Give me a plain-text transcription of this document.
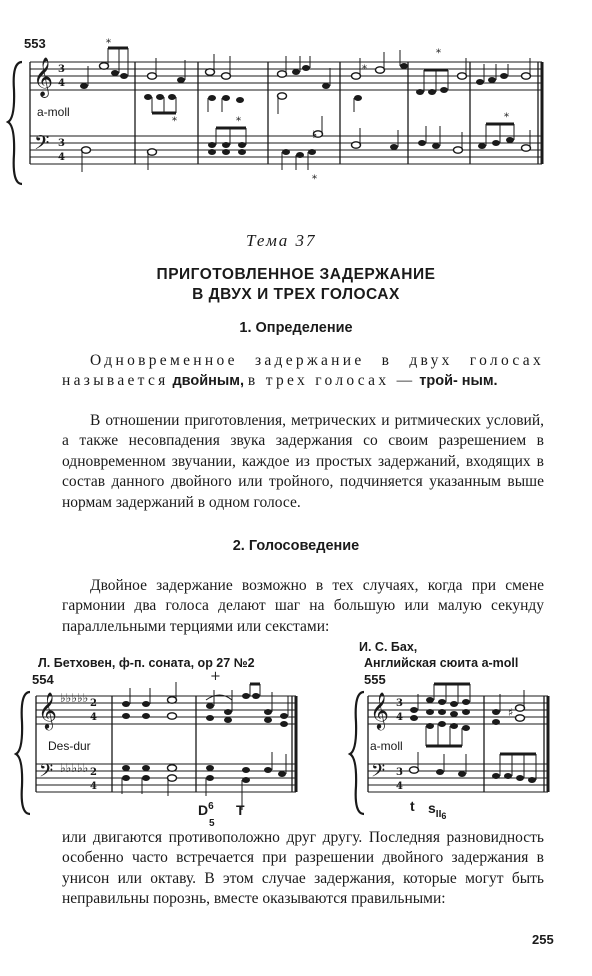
553
𝄞
𝄢
3
4
3
4
*
*	*
*
♭
*
*
*
a-moll
Тема 37
ПРИГОТОВЛЕННОЕ ЗАДЕРЖАНИЕ
В ДВУХ И ТРЕХ ГОЛОСАХ
1. Определение
Одновременное задержание в двух голосах называется двойным, в трех голосах — трой- ным.
В отношении приготовления, метрических и ритмических условий, а также несовпадения звука задержания со своим разрешением в одновременном звучании, каждое из простых задержаний, входящих в состав данного двойного или тройного, подчиняется указанным выше нормам задержаний в одном голосе.
2. Голосоведение
Двойное задержание возможно в тех случаях, когда при смене гармонии два голоса делают шаг на большую или малую секунду параллельными терциями или секстами:
Л. Бетховен, ф-п. соната, ор 27 №2
554
𝄞
𝄢
♭♭♭♭♭
♭♭♭♭♭
2
4
2
4
Des-dur
+
$D^6$
5
T
И. С. Бах,
Английская сюита a-moll
555
𝄞
𝄢
3
4
3
4
♯
a-moll
t $s_{II6}$
или двигаются противоположно друг другу. Последняя разновидность особенно часто встречается при разрешении двойного задержания в унисон или октаву. В этом случае задержания, которые могут быть неправильны порознь, вместе оказываются правильными:
255
